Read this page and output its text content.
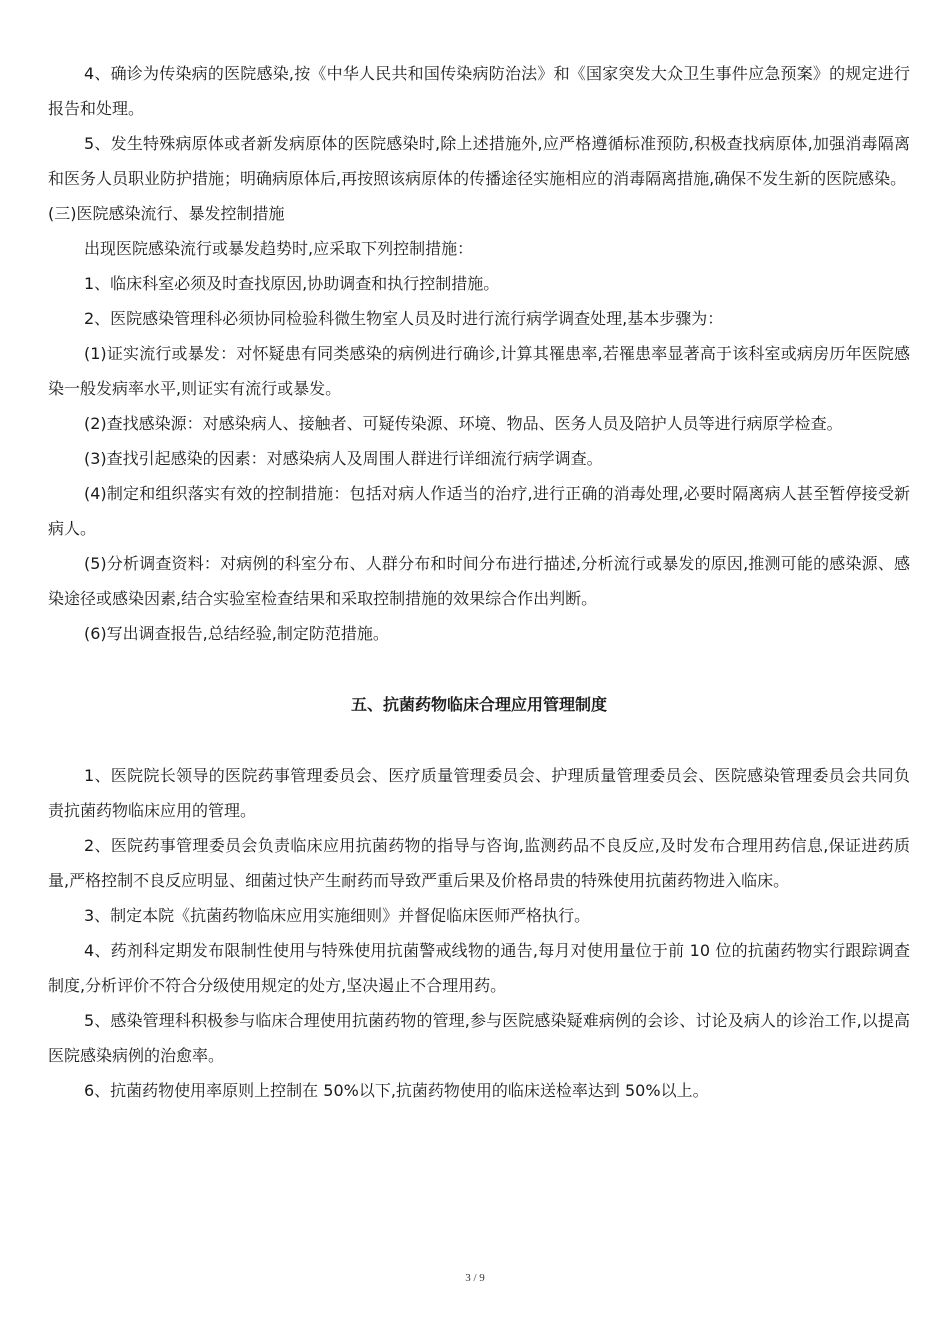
4、确诊为传染病的医院感染,按《中华人民共和国传染病防治法》和《国家突发大众卫生事件应急预案》的规定进行报告和处理。

5、发生特殊病原体或者新发病原体的医院感染时,除上述措施外,应严格遵循标准预防,积极查找病原体,加强消毒隔离和医务人员职业防护措施；明确病原体后,再按照该病原体的传播途径实施相应的消毒隔离措施,确保不发生新的医院感染。

(三)医院感染流行、暴发控制措施

出现医院感染流行或暴发趋势时,应采取下列控制措施：

1、临床科室必须及时查找原因,协助调查和执行控制措施。

2、医院感染管理科必须协同检验科微生物室人员及时进行流行病学调查处理,基本步骤为：

(1)证实流行或暴发：对怀疑患有同类感染的病例进行确诊,计算其罹患率,若罹患率显著高于该科室或病房历年医院感染一般发病率水平,则证实有流行或暴发。

(2)查找感染源：对感染病人、接触者、可疑传染源、环境、物品、医务人员及陪护人员等进行病原学检查。

(3)查找引起感染的因素：对感染病人及周围人群进行详细流行病学调查。

(4)制定和组织落实有效的控制措施：包括对病人作适当的治疗,进行正确的消毒处理,必要时隔离病人甚至暂停接受新病人。

(5)分析调查资料：对病例的科室分布、人群分布和时间分布进行描述,分析流行或暴发的原因,推测可能的感染源、感染途径或感染因素,结合实验室检查结果和采取控制措施的效果综合作出判断。

(6)写出调查报告,总结经验,制定防范措施。

五、抗菌药物临床合理应用管理制度

1、医院院长领导的医院药事管理委员会、医疗质量管理委员会、护理质量管理委员会、医院感染管理委员会共同负责抗菌药物临床应用的管理。

2、医院药事管理委员会负责临床应用抗菌药物的指导与咨询,监测药品不良反应,及时发布合理用药信息,保证进药质量,严格控制不良反应明显、细菌过快产生耐药而导致严重后果及价格昂贵的特殊使用抗菌药物进入临床。

3、制定本院《抗菌药物临床应用实施细则》并督促临床医师严格执行。

4、药剂科定期发布限制性使用与特殊使用抗菌警戒线物的通告,每月对使用量位于前 10 位的抗菌药物实行跟踪调查制度,分析评价不符合分级使用规定的处方,坚决遏止不合理用药。

5、感染管理科积极参与临床合理使用抗菌药物的管理,参与医院感染疑难病例的会诊、讨论及病人的诊治工作,以提高医院感染病例的治愈率。

6、抗菌药物使用率原则上控制在 50%以下,抗菌药物使用的临床送检率达到 50%以上。

3 / 9
